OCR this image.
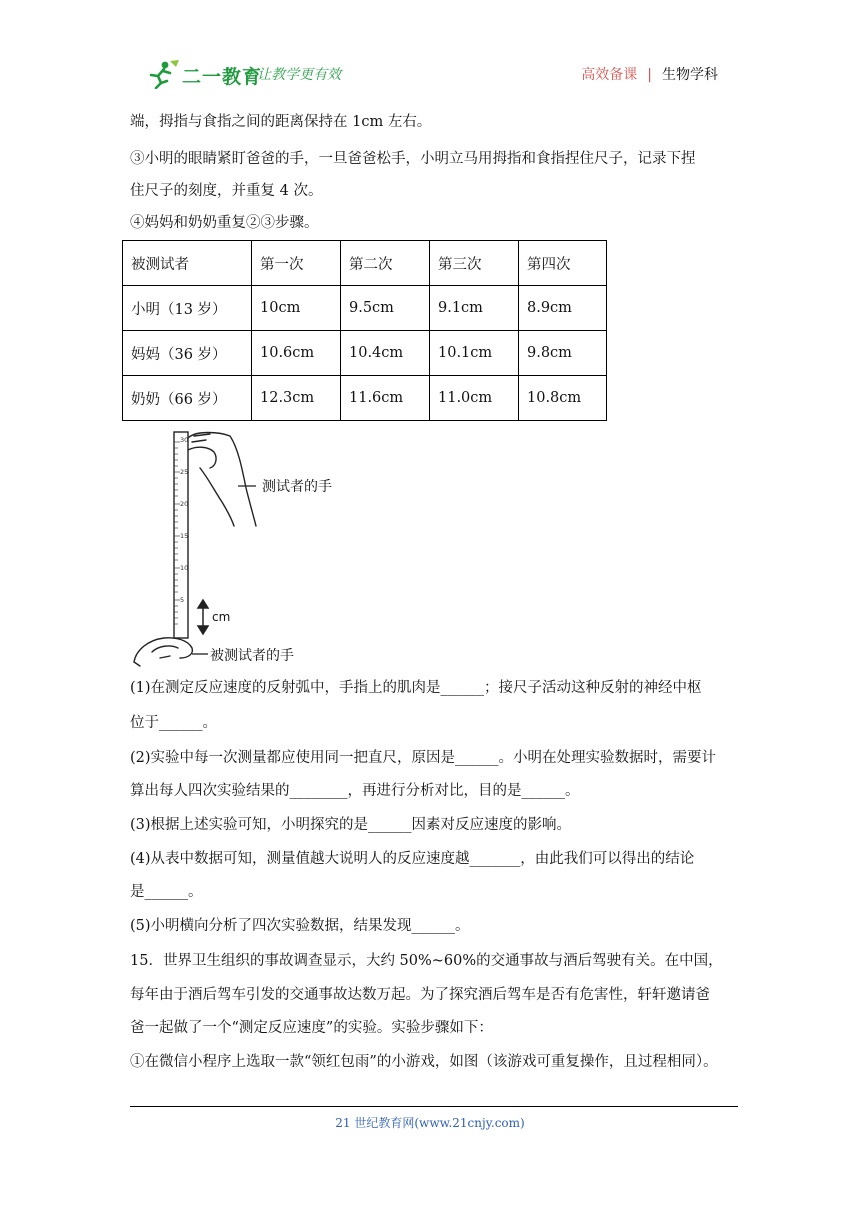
二一教育
/ 让教学更有效	高效备课 | 生物学科
端，拇指与食指之间的距离保持在 1cm 左右。
③小明的眼睛紧盯爸爸的手，一旦爸爸松手，小明立马用拇指和食指捏住尺子，记录下捏
住尺子的刻度，并重复 4 次。
④妈妈和奶奶重复②③步骤。
被测试者	第一次	第二次	第三次	第四次
小明（13 岁）	10cm	9.5cm	9.1cm	8.9cm
妈妈（36 岁）	10.6cm	10.4cm	10.1cm	9.8cm
奶奶（66 岁）	12.3cm	11.6cm	11.0cm	10.8cm
30
25
20
15
10
5
测试者的手
cm
被测试者的手
(1)在测定反应速度的反射弧中，手指上的肌肉是______；接尺子活动这种反射的神经中枢
位于______。
(2)实验中每一次测量都应使用同一把直尺，原因是______。小明在处理实验数据时，需要计
算出每人四次实验结果的________，再进行分析对比，目的是______。
(3)根据上述实验可知，小明探究的是______因素对反应速度的影响。
(4)从表中数据可知，测量值越大说明人的反应速度越_______，由此我们可以得出的结论
是______。
(5)小明横向分析了四次实验数据，结果发现______。
15．世界卫生组织的事故调查显示，大约 50%~60%的交通事故与酒后驾驶有关。在中国，
每年由于酒后驾车引发的交通事故达数万起。为了探究酒后驾车是否有危害性，轩轩邀请爸
爸一起做了一个“测定反应速度”的实验。实验步骤如下：
①在微信小程序上选取一款“领红包雨”的小游戏，如图（该游戏可重复操作，且过程相同）。
21 世纪教育网(www.21cnjy.com)
